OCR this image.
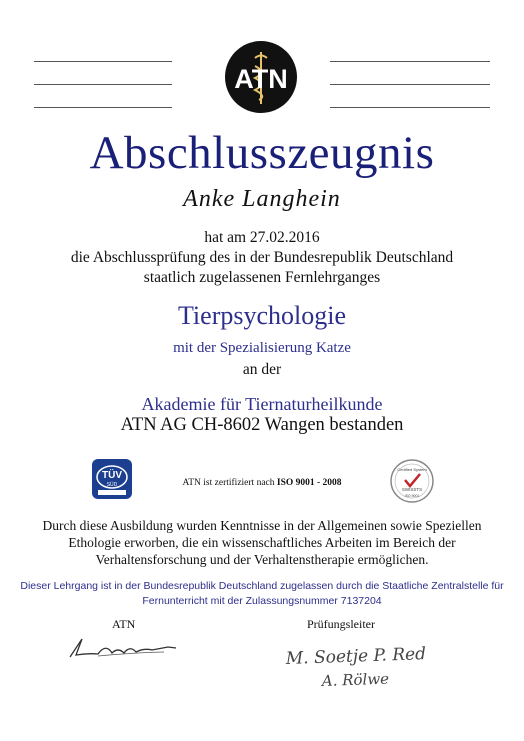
ATN
Abschlusszeugnis
Anke Langhein
hat am 27.02.2016
die Abschlussprüfung des in der Bundesrepublik Deutschland
staatlich zugelassenen Fernlehrganges
Tierpsychologie
mit der Spezialisierung Katze
an der
Akademie für Tiernaturheilkunde
ATN AG CH-8602 Wangen bestanden
TÜV
SÜD	ATN ist zertifiziert nach ISO 9001 - 2008
Certified System
SWISSTS
ISO 9001
Durch diese Ausbildung wurden Kenntnisse in der Allgemeinen sowie Speziellen
Ethologie erworben, die ein wissenschaftliches Arbeiten im Bereich der
Verhaltensforschung und der Verhaltenstherapie ermöglichen.
Dieser Lehrgang ist in der Bundesrepublik Deutschland zugelassen durch die Staatliche Zentralstelle für
Fernunterricht mit der Zulassungsnummer 7137204
ATN	Prüfungsleiter
M. Soetje P. Red
A. Rölwe
